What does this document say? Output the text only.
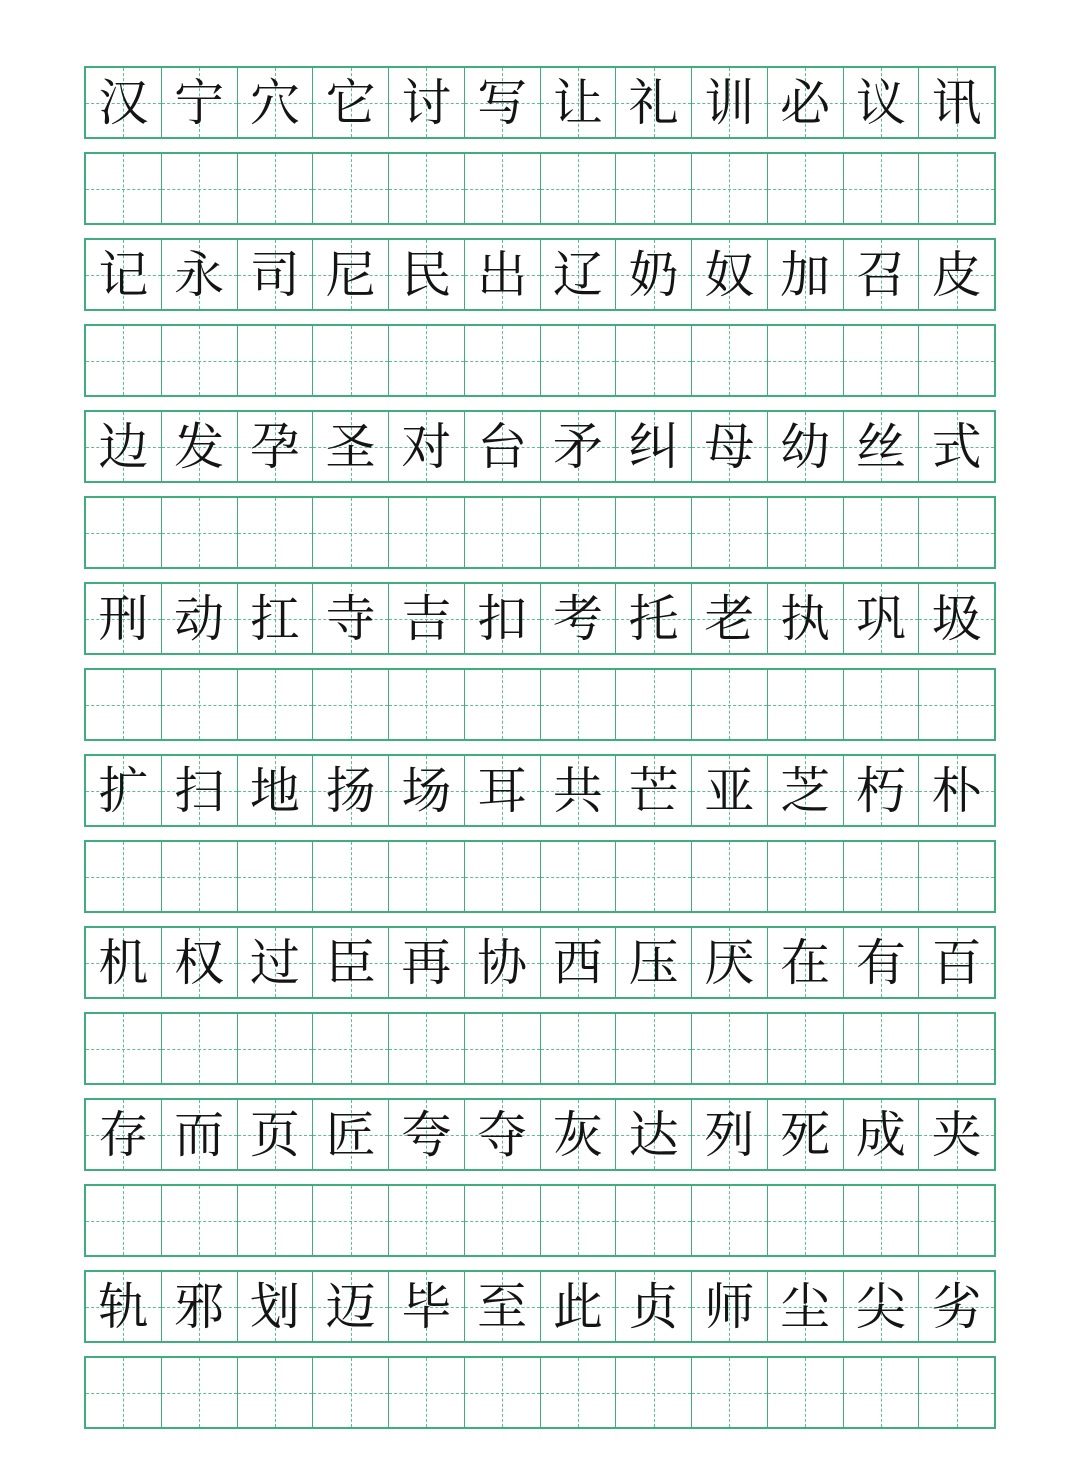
汉 宁 穴 它 讨 写 让 礼 训 必 议 讯
记 永 司 尼 民 出 辽 奶 奴 加 召 皮
边 发 孕 圣 对 台 矛 纠 母 幼 丝 式
刑 动 扛 寺 吉 扣 考 托 老 执 巩 圾
扩 扫 地 扬 场 耳 共 芒 亚 芝 朽 朴
机 权 过 臣 再 协 西 压 厌 在 有 百
存 而 页 匠 夸 夺 灰 达 列 死 成 夹
轨 邪 划 迈 毕 至 此 贞 师 尘 尖 劣
